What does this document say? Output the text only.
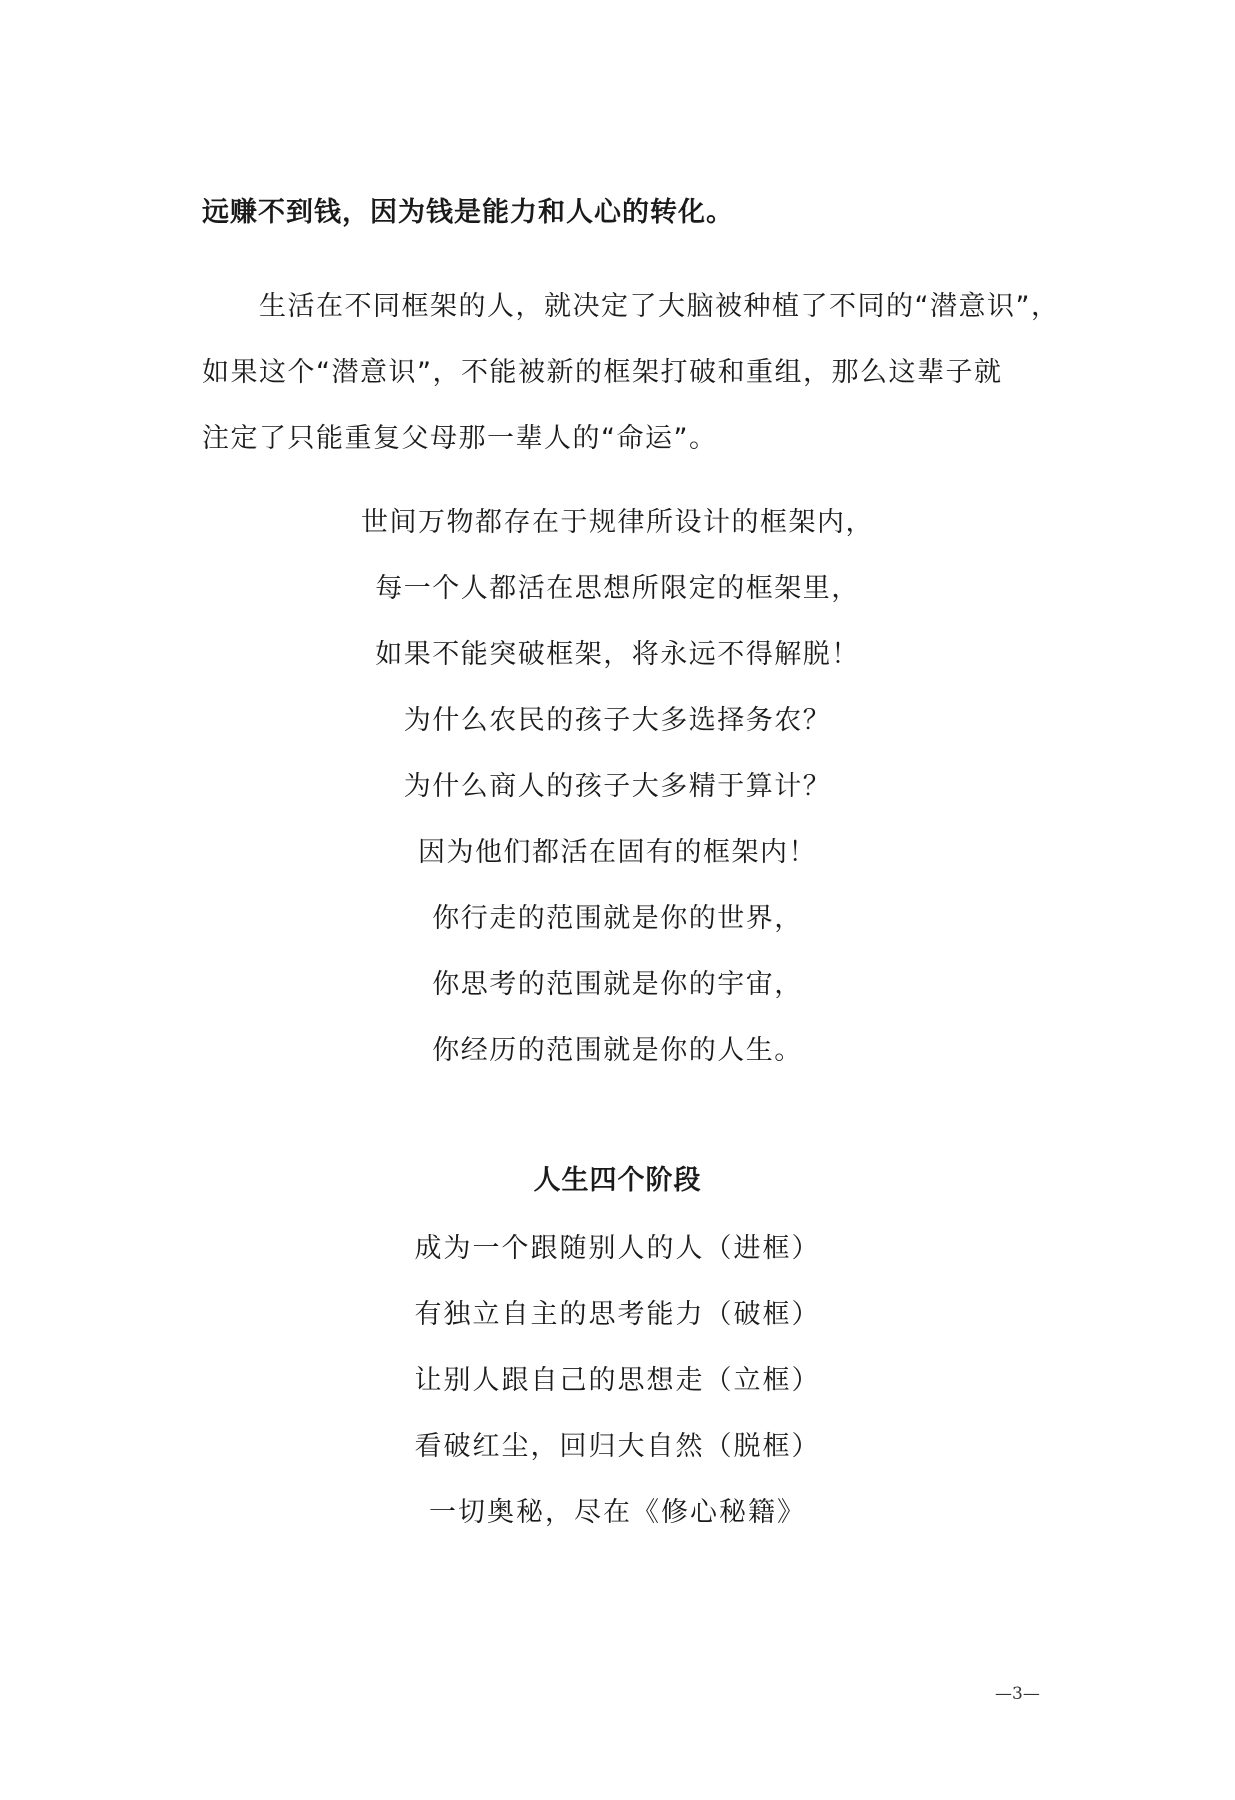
远赚不到钱，因为钱是能力和人心的转化。
生活在不同框架的人，就决定了大脑被种植了不同的“潜意识”，
如果这个“潜意识”，不能被新的框架打破和重组，那么这辈子就
注定了只能重复父母那一辈人的“命运”。
世间万物都存在于规律所设计的框架内，
每一个人都活在思想所限定的框架里，
如果不能突破框架，将永远不得解脱！
为什么农民的孩子大多选择务农？
为什么商人的孩子大多精于算计？
因为他们都活在固有的框架内！
你行走的范围就是你的世界，
你思考的范围就是你的宇宙，
你经历的范围就是你的人生。
人生四个阶段
成为一个跟随别人的人（进框）
有独立自主的思考能力（破框）
让别人跟自己的思想走（立框）
看破红尘，回归大自然（脱框）
一切奥秘，尽在《修心秘籍》
—3—
